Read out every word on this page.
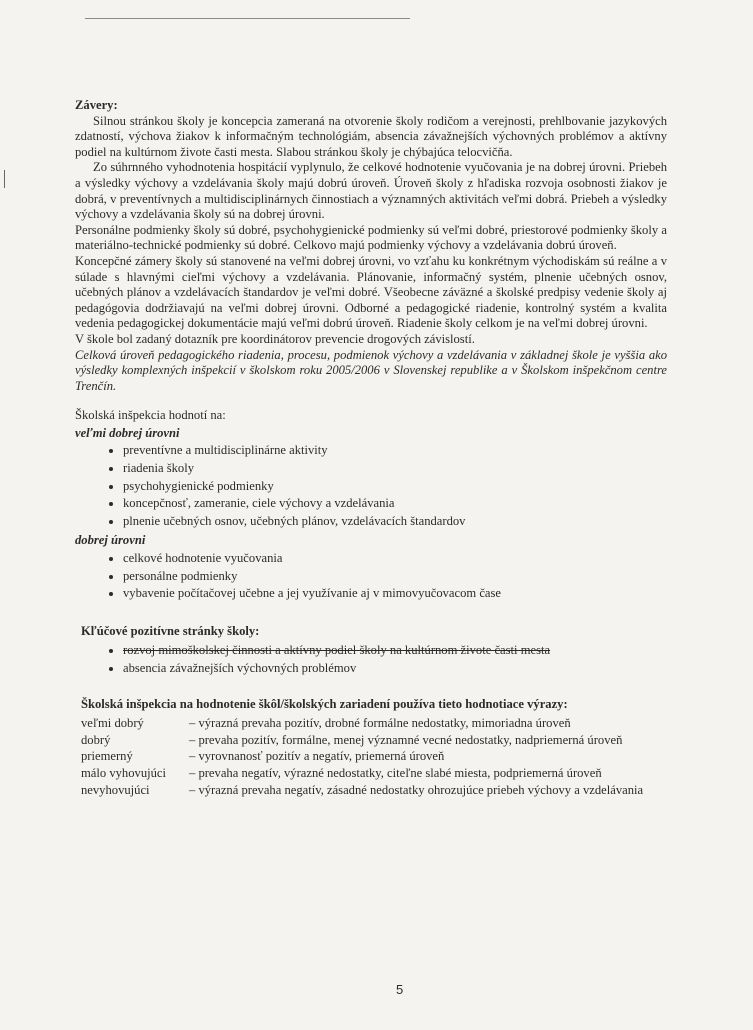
Závery:

Silnou stránkou školy je koncepcia zameraná na otvorenie školy rodičom a verejnosti, prehlbovanie jazykových zdatností, výchova žiakov k informačným technológiám, absencia závažnejších výchovných problémov a aktívny podiel na kultúrnom živote časti mesta. Slabou stránkou školy je chýbajúca telocvičňa.

Zo súhrnného vyhodnotenia hospitácií vyplynulo, že celkové hodnotenie vyučovania je na dobrej úrovni. Priebeh a výsledky výchovy a vzdelávania školy majú dobrú úroveň. Úroveň školy z hľadiska rozvoja osobnosti žiakov je dobrá, v preventívnych a multidisciplinárnych činnostiach a významných aktivitách veľmi dobrá. Priebeh a výsledky výchovy a vzdelávania školy sú na dobrej úrovni.

Personálne podmienky školy sú dobré, psychohygienické podmienky sú veľmi dobré, priestorové podmienky školy a materiálno-technické podmienky sú dobré. Celkovo majú podmienky výchovy a vzdelávania dobrú úroveň.

Koncepčné zámery školy sú stanovené na veľmi dobrej úrovni, vo vzťahu ku konkrétnym východiskám sú reálne a v súlade s hlavnými cieľmi výchovy a vzdelávania. Plánovanie, informačný systém, plnenie učebných osnov, učebných plánov a vzdelávacích štandardov je veľmi dobré. Všeobecne záväzné a školské predpisy vedenie školy aj pedagógovia dodržiavajú na veľmi dobrej úrovni. Odborné a pedagogické riadenie, kontrolný systém a kvalita vedenia pedagogickej dokumentácie majú veľmi dobrú úroveň. Riadenie školy celkom je na veľmi dobrej úrovni.

V škole bol zadaný dotazník pre koordinátorov prevencie drogových závislostí.

Celková úroveň pedagogického riadenia, procesu, podmienok výchovy a vzdelávania v základnej škole je vyššia ako výsledky komplexných inšpekcií v školskom roku 2005/2006 v Slovenskej republike a v Školskom inšpekčnom centre Trenčín.

Školská inšpekcia hodnotí na:

veľmi dobrej úrovni

• preventívne a multidisciplinárne aktivity
• riadenia školy
• psychohygienické podmienky
• koncepčnosť, zameranie, ciele výchovy a vzdelávania
• plnenie učebných osnov, učebných plánov, vzdelávacích štandardov

dobrej úrovni

• celkové hodnotenie vyučovania
• personálne podmienky
• vybavenie počítačovej učebne a jej využívanie aj v mimovyučovacom čase

Kľúčové pozitívne stránky školy:

• rozvoj mimoškolskej činnosti a aktívny podiel školy na kultúrnom živote časti mesta
• absencia závažnejších výchovných problémov

Školská inšpekcia na hodnotenie škôl/školských zariadení používa tieto hodnotiace výrazy:

veľmi dobrý	– výrazná prevaha pozitív, drobné formálne nedostatky, mimoriadna úroveň
dobrý	– prevaha pozitív, formálne, menej významné vecné nedostatky, nadpriemerná úroveň
priemerný	– vyrovnanosť pozitív a negatív, priemerná úroveň
málo vyhovujúci	– prevaha negatív, výrazné nedostatky, citeľne slabé miesta, podpriemerná úroveň
nevyhovujúci	– výrazná prevaha negatív, zásadné nedostatky ohrozujúce priebeh výchovy a vzdelávania
5
